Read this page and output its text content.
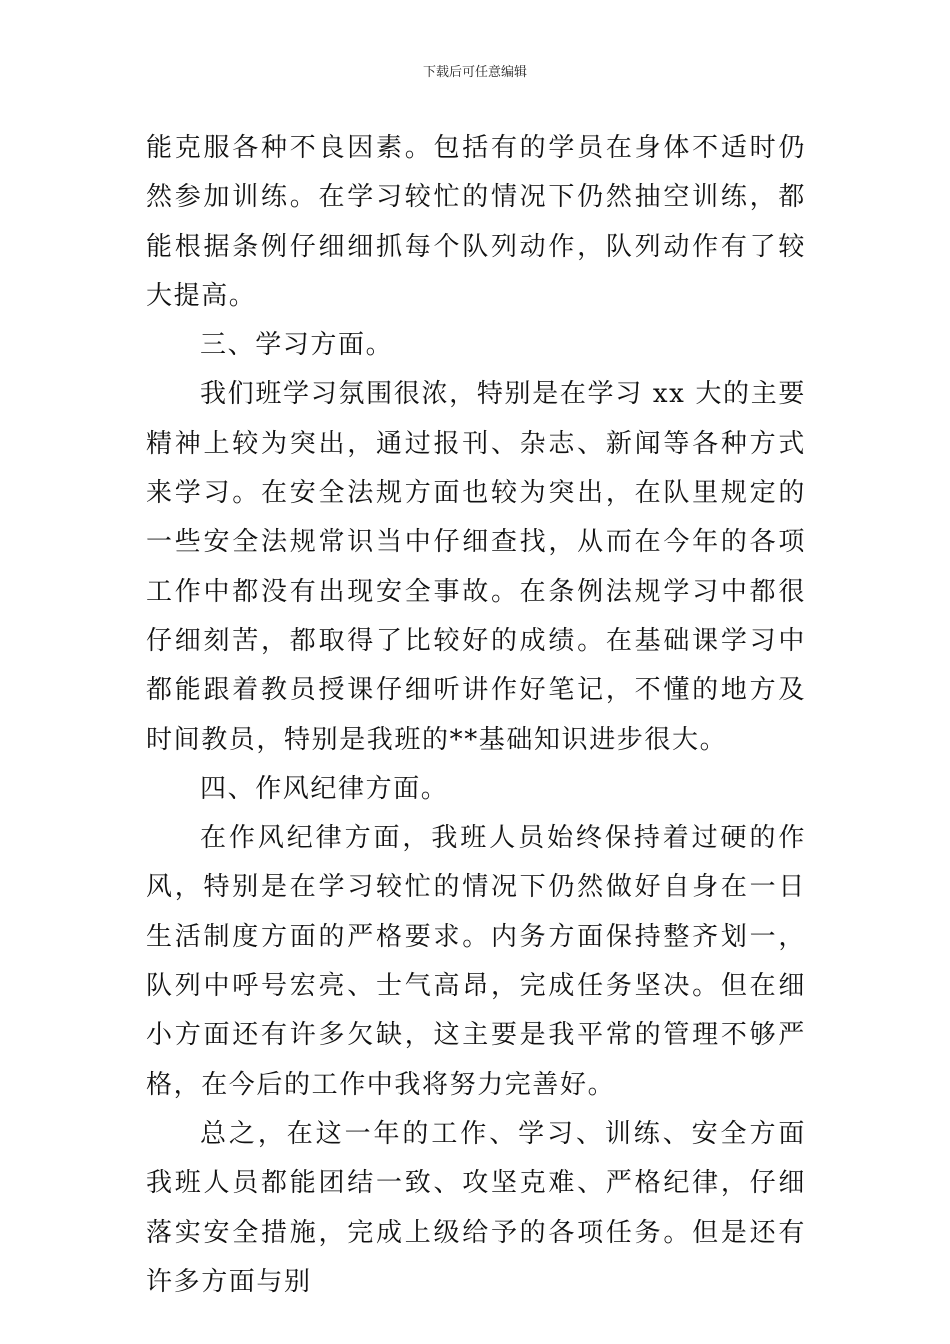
下载后可任意编辑

能克服各种不良因素。包括有的学员在身体不适时仍然参加训练。在学习较忙的情况下仍然抽空训练，都能根据条例仔细细抓每个队列动作，队列动作有了较大提高。

三、学习方面。

我们班学习氛围很浓，特别是在学习 xx 大的主要精神上较为突出，通过报刊、杂志、新闻等各种方式来学习。在安全法规方面也较为突出，在队里规定的一些安全法规常识当中仔细查找，从而在今年的各项工作中都没有出现安全事故。在条例法规学习中都很仔细刻苦，都取得了比较好的成绩。在基础课学习中都能跟着教员授课仔细听讲作好笔记，不懂的地方及时间教员，特别是我班的**基础知识进步很大。

四、作风纪律方面。

在作风纪律方面，我班人员始终保持着过硬的作风，特别是在学习较忙的情况下仍然做好自身在一日生活制度方面的严格要求。内务方面保持整齐划一，队列中呼号宏亮、士气高昂，完成任务坚决。但在细小方面还有许多欠缺，这主要是我平常的管理不够严格，在今后的工作中我将努力完善好。

总之，在这一年的工作、学习、训练、安全方面我班人员都能团结一致、攻坚克难、严格纪律，仔细落实安全措施，完成上级给予的各项任务。但是还有许多方面与别
